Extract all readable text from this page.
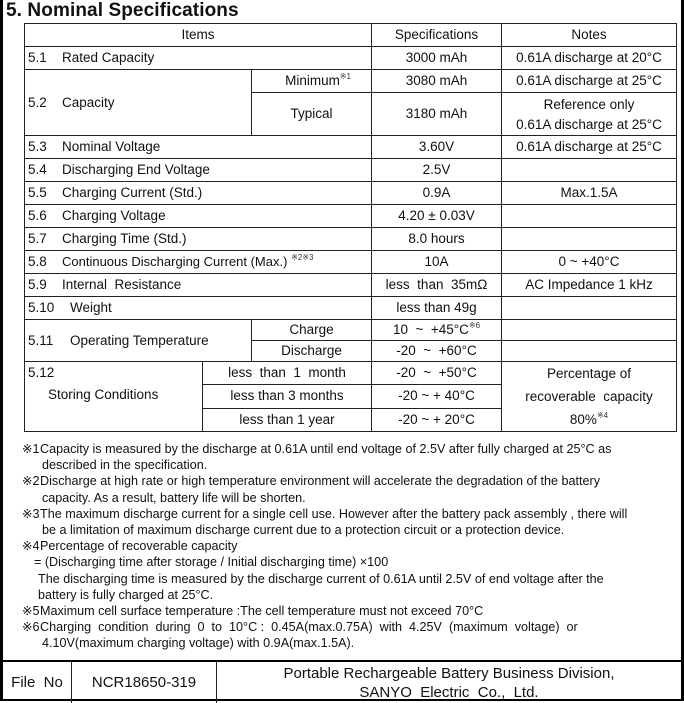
5. Nominal Specifications
Items			Specifications	Notes
5.1 Rated Capacity			3000 mAh	0.61A discharge at 20°C
5.2 Capacity		Minimum$^{※1}$	3080 mAh	0.61A discharge at 25°C
		Typical	3180 mAh	Reference only
0.61A discharge at 25°C

5.3 Nominal Voltage			3.60V	0.61A discharge at 25°C
5.4 Discharging End Voltage			2.5V	
5.5 Charging Current (Std.)			0.9A	Max.1.5A
5.6 Charging Voltage			4.20 ± 0.03V	
5.7 Charging Time (Std.)			8.0 hours	
5.8 Continuous Discharging Current (Max.) $^{※2※3}$			10A	0 ~ +40°C
5.9 Internal  Resistance			less  than  35mΩ	AC Impedance 1 kHz
5.10 Weight			less than 49g	
5.11 Operating Temperature		Charge	10  ~  +45°C$^{※6}$	
		Discharge	-20  ~  +60°C	

5.12
Storing Conditions
	less  than  1  month	-20  ~  +50°C	Percentage of
recoverable  capacity
80%$^{※4}$

	less than 3 months		-20 ~ + 40°C	
	less than 1 year		-20 ~ + 20°C	

※1Capacity is measured by the discharge at 0.61A until end voltage of 2.5V after fully charged at 25°C as

described in the specification.

※2Discharge at high rate or high temperature environment will accelerate the degradation of the battery

capacity. As a result, battery life will be shorten.

※3The maximum discharge current for a single cell use. However after the battery pack assembly , there will

be a limitation of maximum discharge current due to a protection circuit or a protection device.

※4Percentage of recoverable capacity

= (Discharging time after storage / Initial discharging time) ×100

The discharging time is measured by the discharge current of 0.61A until 2.5V of end voltage after the

battery is fully charged at 25°C.

※5Maximum cell surface temperature :The cell temperature must not exceed 70°C

※6Charging  condition  during  0  to  10°C :  0.45A(max.0.75A)  with  4.25V  (maximum  voltage)  or

4.10V(maximum charging voltage) with 0.9A(max.1.5A).

File  No	NCR18650-319
Portable Rechargeable Battery Business Division,
SANYO  Electric  Co.,  Ltd.
